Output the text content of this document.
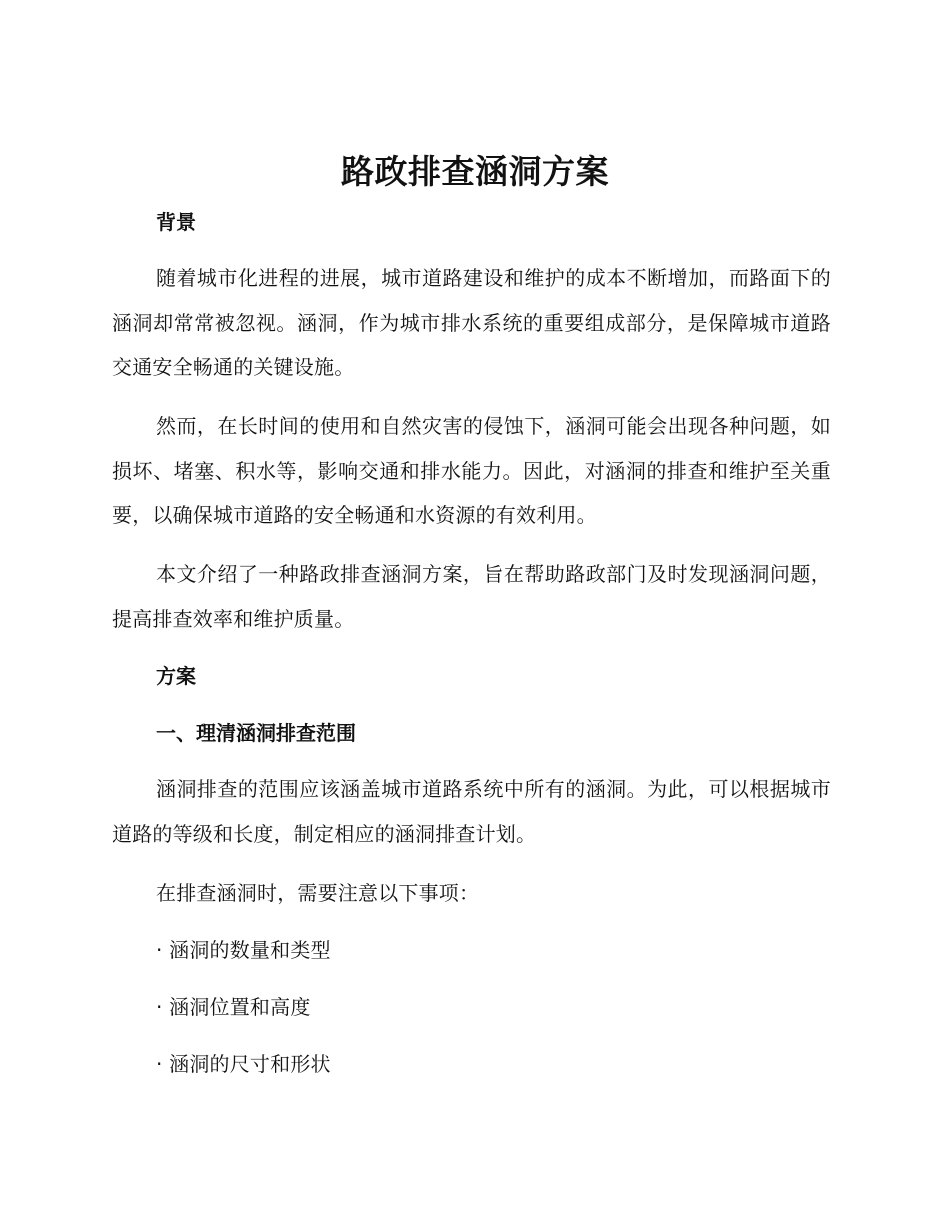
路政排查涵洞方案
背景
随着城市化进程的进展，城市道路建设和维护的成本不断增加，而路面下的涵洞却常常被忽视。涵洞，作为城市排水系统的重要组成部分，是保障城市道路交通安全畅通的关键设施。
然而，在长时间的使用和自然灾害的侵蚀下，涵洞可能会出现各种问题，如损坏、堵塞、积水等，影响交通和排水能力。因此，对涵洞的排查和维护至关重要，以确保城市道路的安全畅通和水资源的有效利用。
本文介绍了一种路政排查涵洞方案，旨在帮助路政部门及时发现涵洞问题，提高排查效率和维护质量。
方案
一、理清涵洞排查范围
涵洞排查的范围应该涵盖城市道路系统中所有的涵洞。为此，可以根据城市道路的等级和长度，制定相应的涵洞排查计划。
在排查涵洞时，需要注意以下事项：
· 涵洞的数量和类型
· 涵洞位置和高度
· 涵洞的尺寸和形状
